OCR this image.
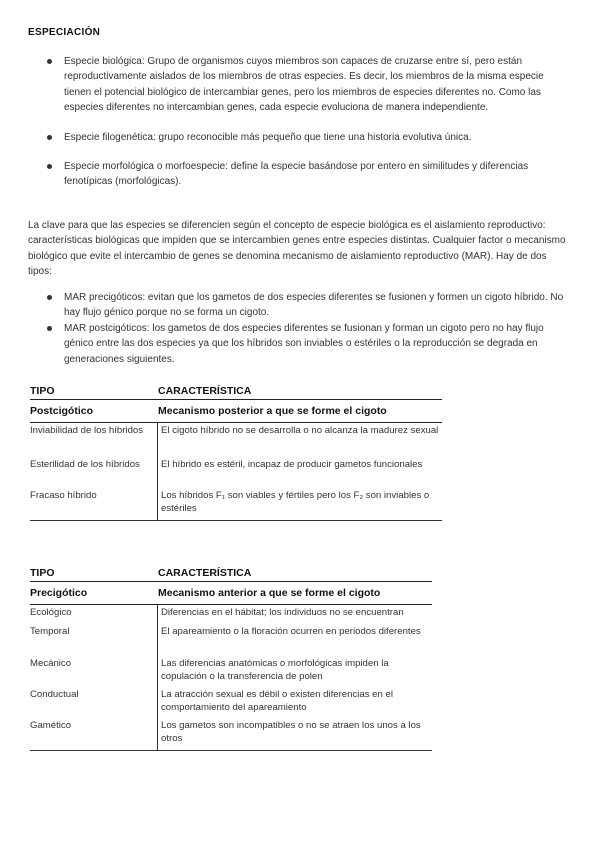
ESPECIACIÓN
Especie biológica: Grupo de organismos cuyos miembros son capaces de cruzarse entre sí, pero están reproductivamente aislados de los miembros de otras especies. Es decir, los miembros de la misma especie tienen el potencial biológico de intercambiar genes, pero los miembros de especies diferentes no. Como las especies diferentes no intercambian genes, cada especie evoluciona de manera independiente.
Especie filogenética: grupo reconocible más pequeño que tiene una historia evolutiva única.
Especie morfológica o morfoespecie: define la especie basándose por entero en similitudes y diferencias fenotípicas (morfológicas).

La clave para que las especies se diferencien según el concepto de especie biológica es el aislamiento reproductivo: características biológicas que impiden que se intercambien genes entre especies distintas. Cualquier factor o mecanismo biológico que evite el intercambio de genes se denomina mecanismo de aislamiento reproductivo (MAR). Hay de dos tipos:

MAR precigóticos: evitan que los gametos de dos especies diferentes se fusionen y formen un cigoto híbrido. No hay flujo génico porque no se forma un cigoto.
MAR postcigóticos: los gametos de dos especies diferentes se fusionan y forman un cigoto pero no hay flujo génico entre las dos especies ya que los híbridos son inviables o estériles o la reproducción se degrada en generaciones siguientes.
TIPO	CARACTERÍSTICA
Postcigótico	Mecanismo posterior a que se forme el cigoto
Inviabilidad de los híbridos	El cigoto híbrido no se desarrolla o no alcanza la madurez sexual
Esterilidad de los híbridos	El híbrido es estéril, incapaz de producir gametos funcionales
Fracaso híbrido	Los híbridos F₁ son viables y fértiles pero los F₂ son inviables o estériles
TIPO	CARACTERÍSTICA
Precigótico	Mecanismo anterior a que se forme el cigoto
Ecológico	Diferencias en el hábitat; los individuos no se encuentran
Temporal	El apareamiento o la floración ocurren en periodos diferentes
Mecánico	Las diferencias anatómicas o morfológicas impiden la copulación o la transferencia de polen
Conductual	La atracción sexual es débil o existen diferencias en el comportamiento del apareamiento
Gamético	Los gametos son incompatibles o no se atraen los unos a los otros
